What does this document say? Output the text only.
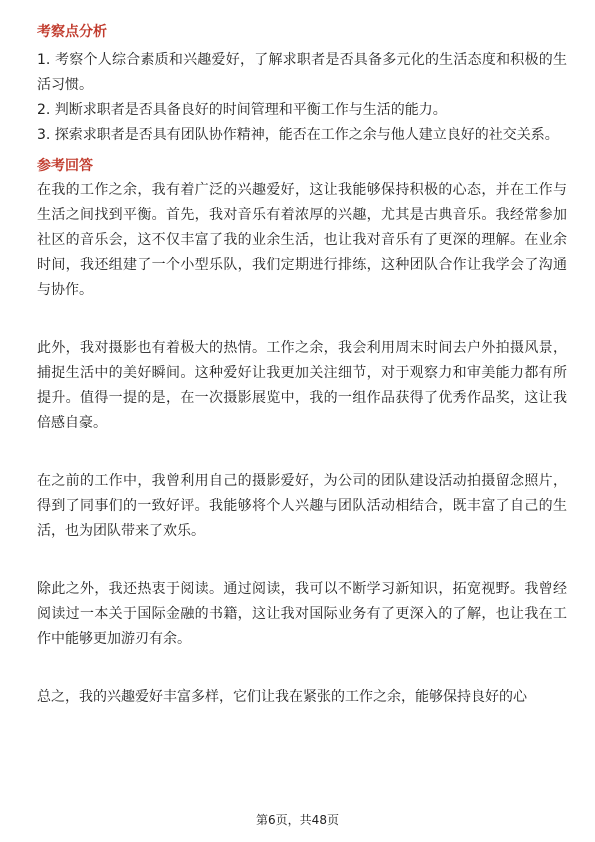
考察点分析

1. 考察个人综合素质和兴趣爱好，了解求职者是否具备多元化的生活态度和积极的生活习惯。

2. 判断求职者是否具备良好的时间管理和平衡工作与生活的能力。

3. 探索求职者是否具有团队协作精神，能否在工作之余与他人建立良好的社交关系。

参考回答

在我的工作之余，我有着广泛的兴趣爱好，这让我能够保持积极的心态，并在工作与生活之间找到平衡。首先，我对音乐有着浓厚的兴趣，尤其是古典音乐。我经常参加社区的音乐会，这不仅丰富了我的业余生活，也让我对音乐有了更深的理解。在业余时间，我还组建了一个小型乐队，我们定期进行排练，这种团队合作让我学会了沟通与协作。

此外，我对摄影也有着极大的热情。工作之余，我会利用周末时间去户外拍摄风景，捕捉生活中的美好瞬间。这种爱好让我更加关注细节，对于观察力和审美能力都有所提升。值得一提的是，在一次摄影展览中，我的一组作品获得了优秀作品奖，这让我倍感自豪。

在之前的工作中，我曾利用自己的摄影爱好，为公司的团队建设活动拍摄留念照片，得到了同事们的一致好评。我能够将个人兴趣与团队活动相结合，既丰富了自己的生活，也为团队带来了欢乐。

除此之外，我还热衷于阅读。通过阅读，我可以不断学习新知识，拓宽视野。我曾经阅读过一本关于国际金融的书籍，这让我对国际业务有了更深入的了解，也让我在工作中能够更加游刃有余。

总之，我的兴趣爱好丰富多样，它们让我在紧张的工作之余，能够保持良好的心

第6页，共48页
